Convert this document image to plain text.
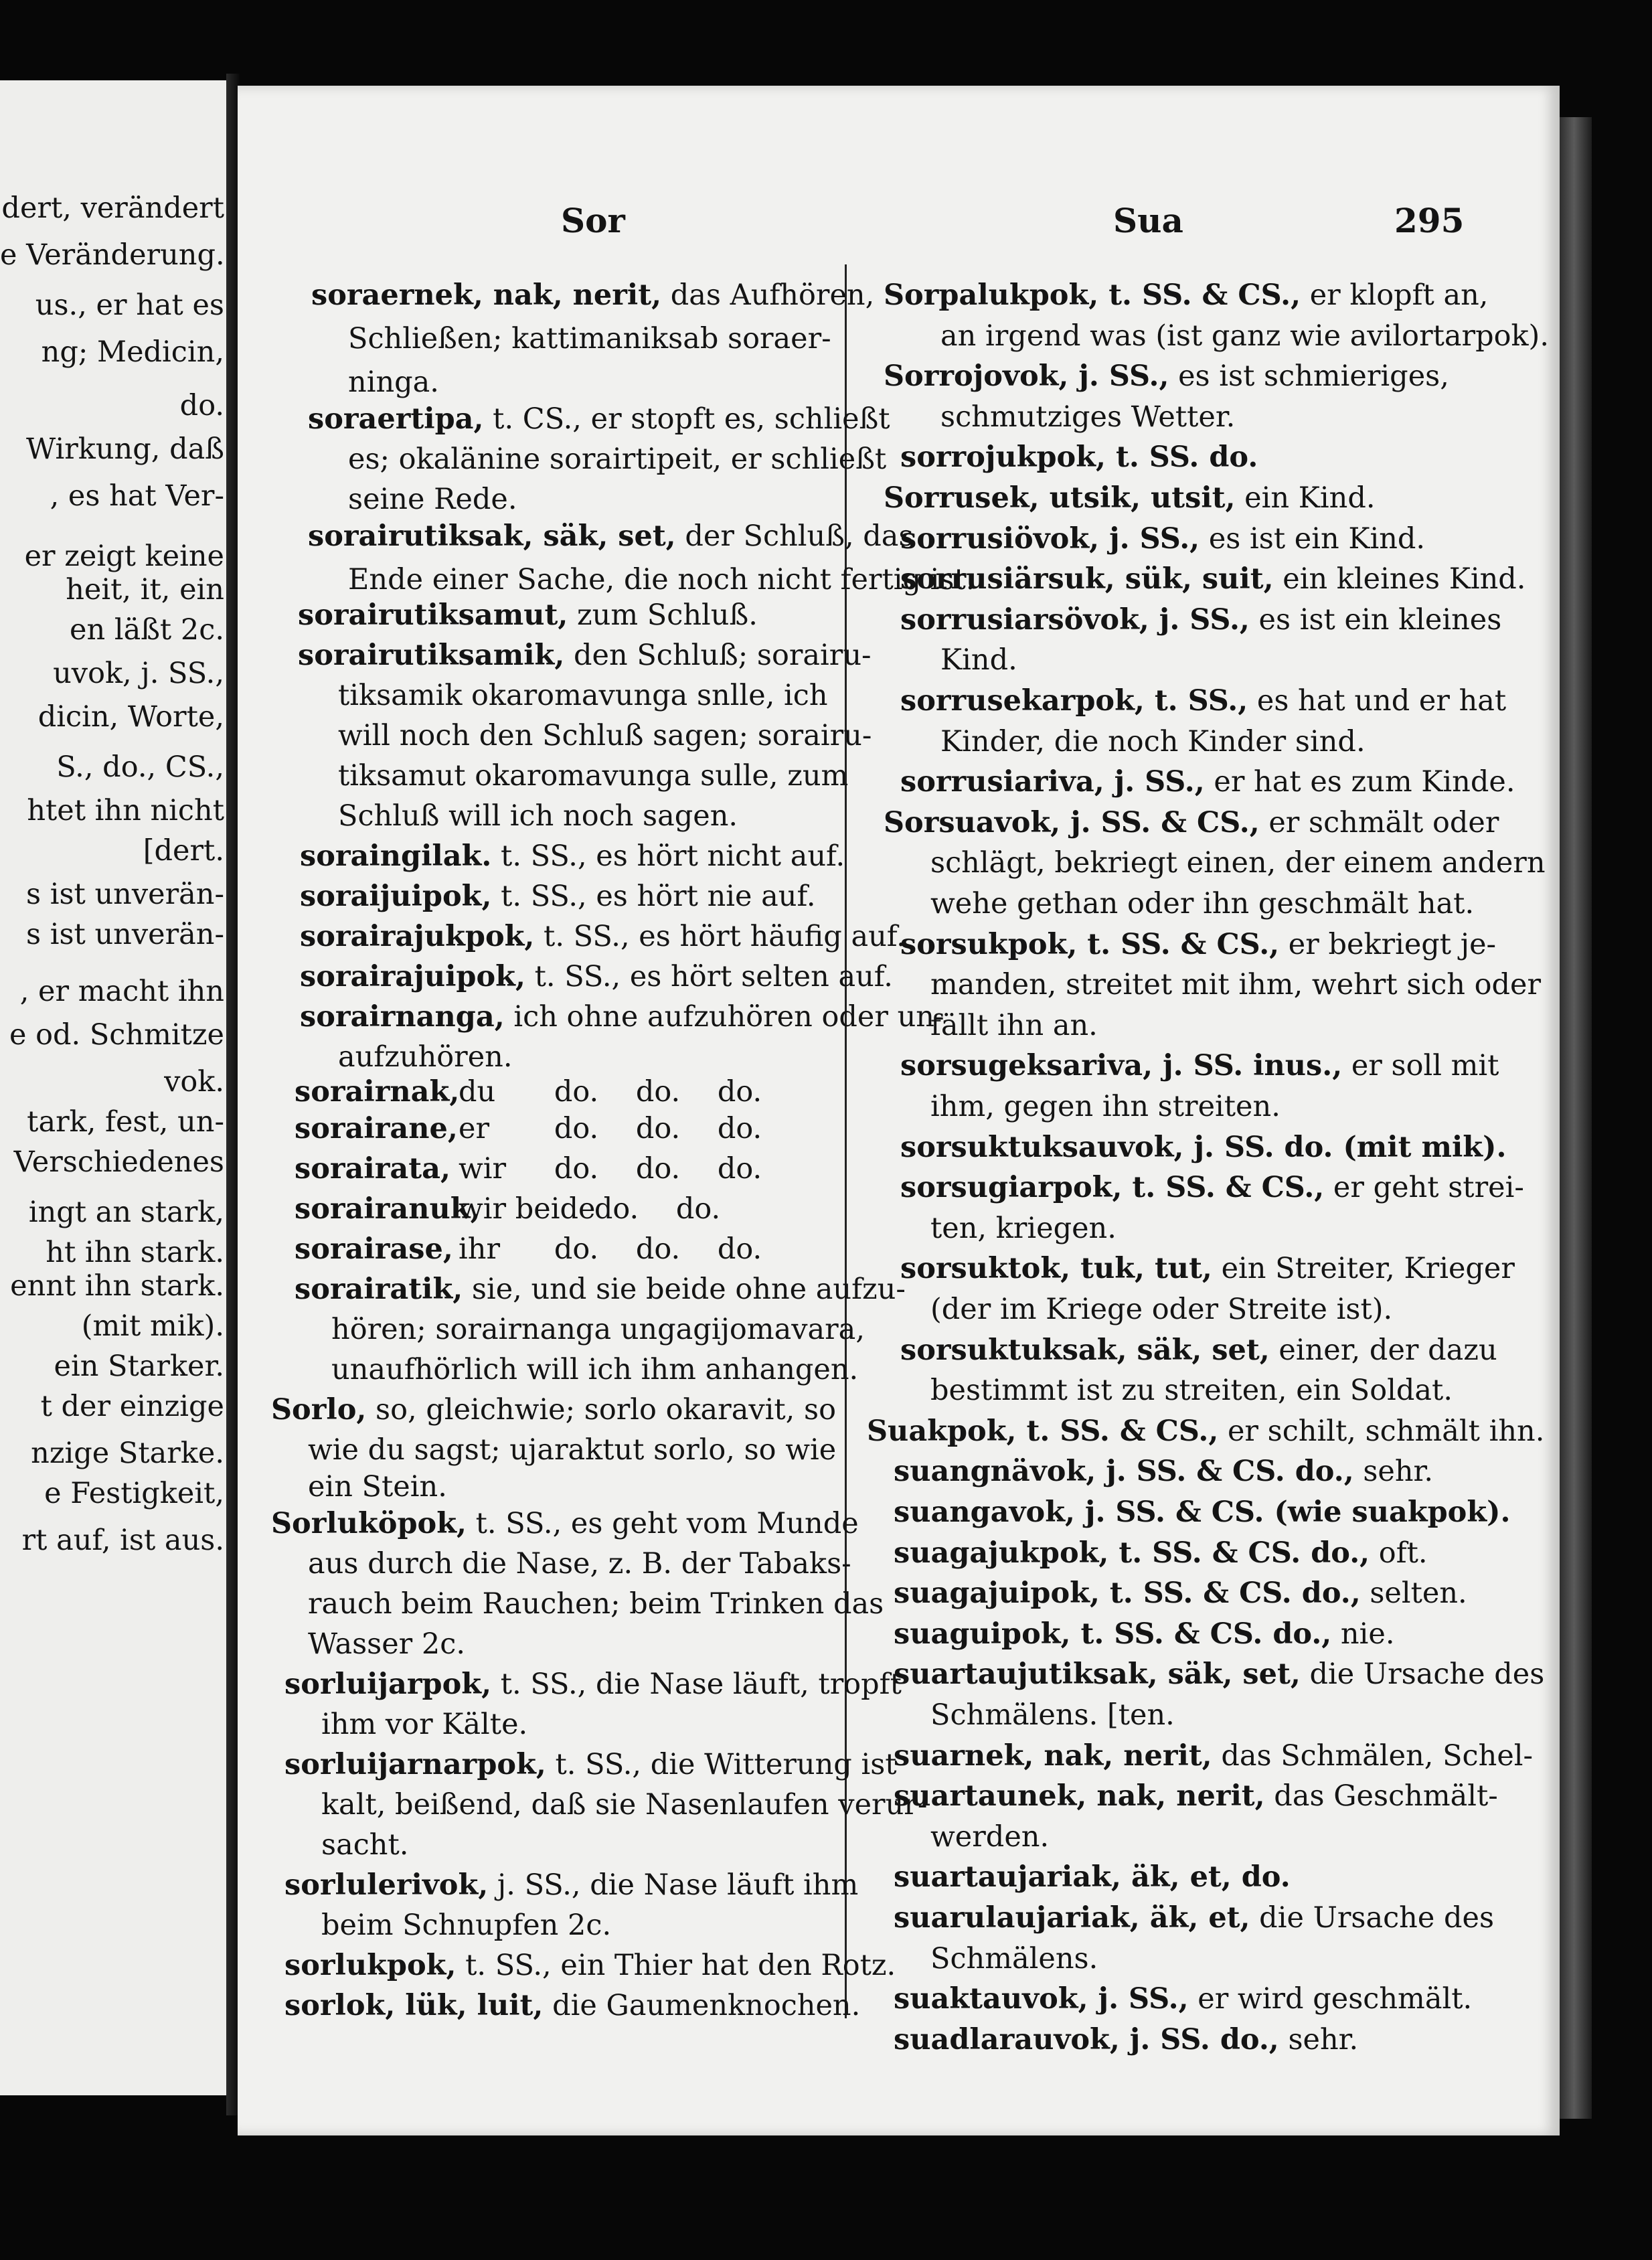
dert, verändert
e Veränderung.
us., er hat es
ng; Medicin,
do.
Wirkung, daß
, es hat Ver-
er zeigt keine
heit, it, ein
en läßt 2c.
uvok, j. SS.,
dicin, Worte,
S., do., CS.,
htet ihn nicht
[dert.
s ist unverän-
s ist unverän-
, er macht ihn
e od. Schmitze
vok.
tark, fest, un-
Verschiedenes
ingt an stark,
ht ihn stark.
ennt ihn stark.
(mit mik).
ein Starker.
t der einzige
nzige Starke.
e Festigkeit,
rt auf, ist aus.
Sor	Sua	295
soraernek, nak, nerit, das Aufhören,
Schließen; kattimaniksab soraer-
ninga.
soraertipa, t. CS., er stopft es, schließt
es; okalänine sorairtipeit, er schließt
seine Rede.
sorairutiksak, säk, set, der Schluß, das
Ende einer Sache, die noch nicht fertig ist.
sorairutiksamut, zum Schluß.
sorairutiksamik, den Schluß; sorairu-
tiksamik okaromavunga snlle, ich
will noch den Schluß sagen; sorairu-
tiksamut okaromavunga sulle, zum
Schluß will ich noch sagen.
soraingilak. t. SS., es hört nicht auf.
soraijuipok, t. SS., es hört nie auf.
sorairajukpok, t. SS., es hört häufig auf.
sorairajuipok, t. SS., es hört selten auf.
sorairnanga, ich ohne aufzuhören oder un-
aufzuhören.
sorairnak,du do. do. do.
sorairane,er do. do. do.
sorairata, wir do. do. do.
sorairanuk,wir beidedo. do.
sorairase, ihr do. do. do.
sorairatik, sie, und sie beide ohne aufzu-
hören; sorairnanga ungagijomavara,
unaufhörlich will ich ihm anhangen.
Sorlo, so, gleichwie; sorlo okaravit, so
wie du sagst; ujaraktut sorlo, so wie
ein Stein.
Sorluköpok, t. SS., es geht vom Munde
aus durch die Nase, z. B. der Tabaks-
rauch beim Rauchen; beim Trinken das
Wasser 2c.
sorluijarpok, t. SS., die Nase läuft, tropft
ihm vor Kälte.
sorluijarnarpok, t. SS., die Witterung ist
kalt, beißend, daß sie Nasenlaufen verur-
sacht.
sorlulerivok, j. SS., die Nase läuft ihm
beim Schnupfen 2c.
sorlukpok, t. SS., ein Thier hat den Rotz.
sorlok, lük, luit, die Gaumenknochen.
Sorpalukpok, t. SS. & CS., er klopft an,
an irgend was (ist ganz wie avilortarpok).
Sorrojovok, j. SS., es ist schmieriges,
schmutziges Wetter.
sorrojukpok, t. SS. do.
Sorrusek, utsik, utsit, ein Kind.
sorrusiövok, j. SS., es ist ein Kind.
sorrusiärsuk, sük, suit, ein kleines Kind.
sorrusiarsövok, j. SS., es ist ein kleines
Kind.
sorrusekarpok, t. SS., es hat und er hat
Kinder, die noch Kinder sind.
sorrusiariva, j. SS., er hat es zum Kinde.
Sorsuavok, j. SS. & CS., er schmält oder
schlägt, bekriegt einen, der einem andern
wehe gethan oder ihn geschmält hat.
sorsukpok, t. SS. & CS., er bekriegt je-
manden, streitet mit ihm, wehrt sich oder
fällt ihn an.
sorsugeksariva, j. SS. inus., er soll mit
ihm, gegen ihn streiten.
sorsuktuksauvok, j. SS. do. (mit mik).
sorsugiarpok, t. SS. & CS., er geht strei-
ten, kriegen.
sorsuktok, tuk, tut, ein Streiter, Krieger
(der im Kriege oder Streite ist).
sorsuktuksak, säk, set, einer, der dazu
bestimmt ist zu streiten, ein Soldat.
Suakpok, t. SS. & CS., er schilt, schmält ihn.
suangnävok, j. SS. & CS. do., sehr.
suangavok, j. SS. & CS. (wie suakpok).
suagajukpok, t. SS. & CS. do., oft.
suagajuipok, t. SS. & CS. do., selten.
suaguipok, t. SS. & CS. do., nie.
suartaujutiksak, säk, set, die Ursache des
Schmälens. [ten.
suarnek, nak, nerit, das Schmälen, Schel-
suartaunek, nak, nerit, das Geschmält-
werden.
suartaujariak, äk, et, do.
suarulaujariak, äk, et, die Ursache des
Schmälens.
suaktauvok, j. SS., er wird geschmält.
suadlarauvok, j. SS. do., sehr.
